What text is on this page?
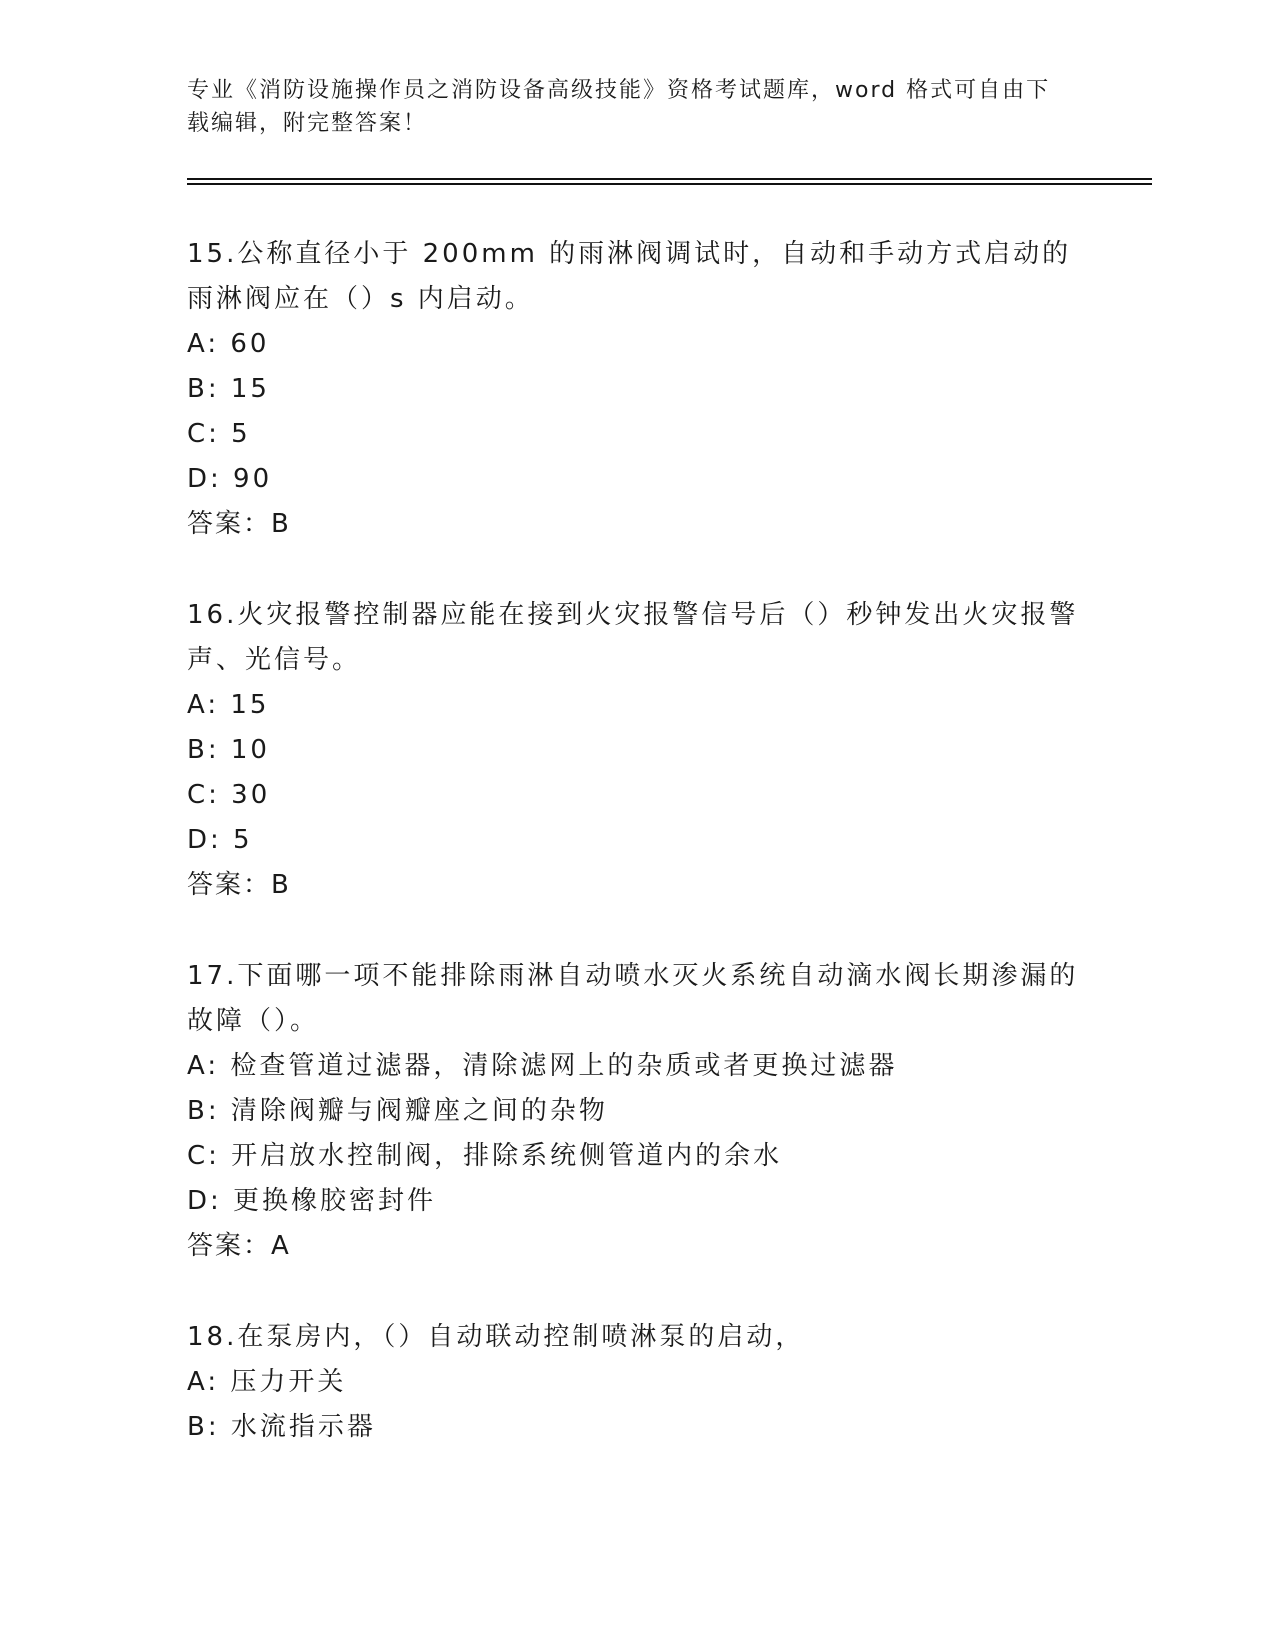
专业《消防设施操作员之消防设备高级技能》资格考试题库，word 格式可自由下载编辑，附完整答案！

15.公称直径小于 200mm 的雨淋阀调试时，自动和手动方式启动的雨淋阀应在（）s 内启动。

A: 60

B: 15

C: 5

D: 90

答案：B

16.火灾报警控制器应能在接到火灾报警信号后（）秒钟发出火灾报警声、光信号。

A: 15

B: 10

C: 30

D: 5

答案：B

17.下面哪一项不能排除雨淋自动喷水灭火系统自动滴水阀长期渗漏的故障（）。

A: 检查管道过滤器，清除滤网上的杂质或者更换过滤器

B: 清除阀瓣与阀瓣座之间的杂物

C: 开启放水控制阀，排除系统侧管道内的余水

D: 更换橡胶密封件

答案：A

18.在泵房内，（）自动联动控制喷淋泵的启动，

A: 压力开关

B: 水流指示器
